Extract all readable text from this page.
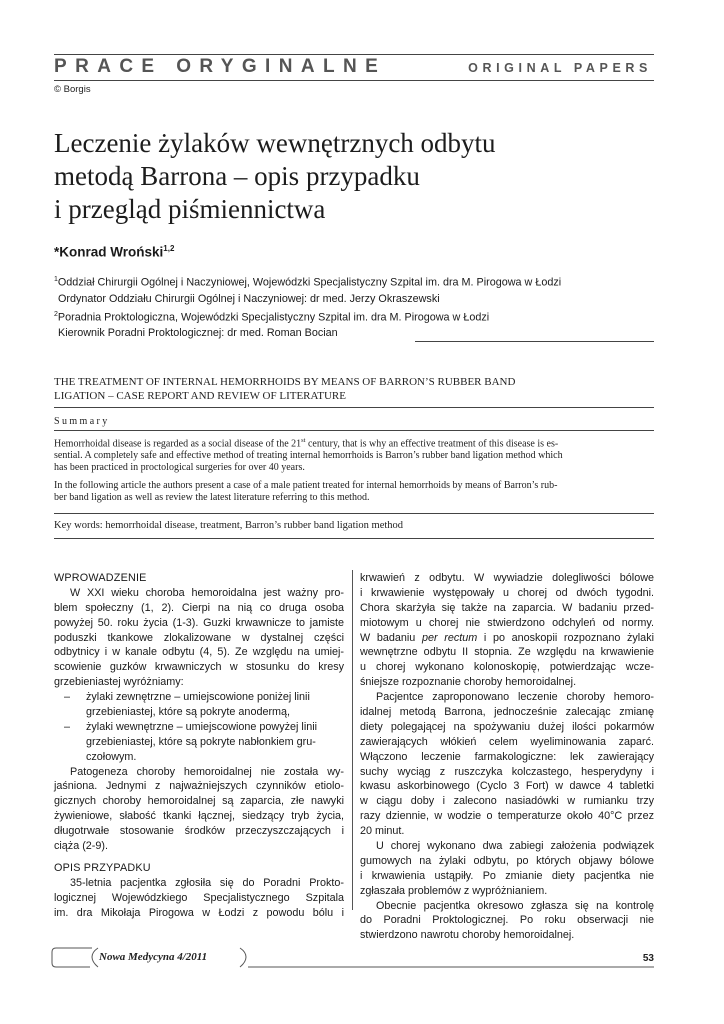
PRACE ORYGINALNE	ORIGINAL PAPERS
© Borgis
Leczenie żylaków wewnętrznych odbytu
metodą Barrona – opis przypadku
i przegląd piśmiennictwa
*Konrad Wroński$^{1,2}$
$^1$Oddział Chirurgii Ogólnej i Naczyniowej, Wojewódzki Specjalistyczny Szpital im. dra M. Pirogowa w Łodzi
Ordynator Oddziału Chirurgii Ogólnej i Naczyniowej: dr med. Jerzy Okraszewski
$^2$Poradnia Proktologiczna, Wojewódzki Specjalistyczny Szpital im. dra M. Pirogowa w Łodzi
Kierownik Poradni Proktologicznej: dr med. Roman Bocian
THE TREATMENT OF INTERNAL HEMORRHOIDS BY MEANS OF BARRON’S RUBBER BAND
LIGATION – CASE REPORT AND REVIEW OF LITERATURE
Summary
Hemorrhoidal disease is regarded as a social disease of the 21st century, that is why an effective treatment of this disease is es-
sential. A completely safe and effective method of treating internal hemorrhoids is Barron’s rubber band ligation method which
has been practiced in proctological surgeries for over 40 years.
In the following article the authors present a case of a male patient treated for internal hemorrhoids by means of Barron’s rub-
ber band ligation as well as review the latest literature referring to this method.
Key words: hemorrhoidal disease, treatment, Barron’s rubber band ligation method
WPROWADZENIE
W XXI wieku choroba hemoroidalna jest ważny pro-
blem społeczny (1, 2). Cierpi na nią co druga osoba
powyżej 50. roku życia (1-3). Guzki krwawnicze to jamiste
poduszki tkankowe zlokalizowane w dystalnej części
odbytnicy i w kanale odbytu (4, 5). Ze względu na umiej-
scowienie guzków krwawniczych w stosunku do kresy
grzebieniastej wyróżniamy:
– żylaki zewnętrzne – umiejscowione poniżej linii
grzebieniastej, które są pokryte anodermą,
– żylaki wewnętrzne – umiejscowione powyżej linii
grzebieniastej, które są pokryte nabłonkiem gru-
czołowym.
Patogeneza choroby hemoroidalnej nie została wy-
jaśniona. Jednymi z najważniejszych czynników etiolo-
gicznych choroby hemoroidalnej są zaparcia, złe nawyki
żywieniowe, słabość tkanki łącznej, siedzący tryb życia,
długotrwałe stosowanie środków przeczyszczających i
ciąża (2-9).
OPIS PRZYPADKU
35-letnia pacjentka zgłosiła się do Poradni Prokto-
logicznej Wojewódzkiego Specjalistycznego Szpitala
im. dra Mikołaja Pirogowa w Łodzi z powodu bólu i
krwawień z odbytu. W wywiadzie dolegliwości bólowe
i krwawienie występowały u chorej od dwóch tygodni.
Chora skarżyła się także na zaparcia. W badaniu przed-
miotowym u chorej nie stwierdzono odchyleń od normy.
W badaniu per rectum i po anoskopii rozpoznano żylaki
wewnętrzne odbytu II stopnia. Ze względu na krwawienie
u chorej wykonano kolonoskopię, potwierdzając wcze-
śniejsze rozpoznanie choroby hemoroidalnej.
Pacjentce zaproponowano leczenie choroby hemoro-
idalnej metodą Barrona, jednocześnie zalecając zmianę
diety polegającej na spożywaniu dużej ilości pokarmów
zawierających włókień celem wyeliminowania zaparć.
Włączono leczenie farmakologiczne: lek zawierający
suchy wyciąg z ruszczyka kolczastego, hesperydyny i
kwasu askorbinowego (Cyclo 3 Fort) w dawce 4 tabletki
w ciągu doby i zalecono nasiadówki w rumianku trzy
razy dziennie, w wodzie o temperaturze około 40°C przez
20 minut.
U chorej wykonano dwa zabiegi założenia podwiązek
gumowych na żylaki odbytu, po których objawy bólowe
i krwawienia ustąpiły. Po zmianie diety pacjentka nie
zgłaszała problemów z wypróżnianiem.
Obecnie pacjentka okresowo zgłasza się na kontrolę
do Poradni Proktologicznej. Po roku obserwacji nie
stwierdzono nawrotu choroby hemoroidalnej.
Nowa Medycyna 4/2011	53
